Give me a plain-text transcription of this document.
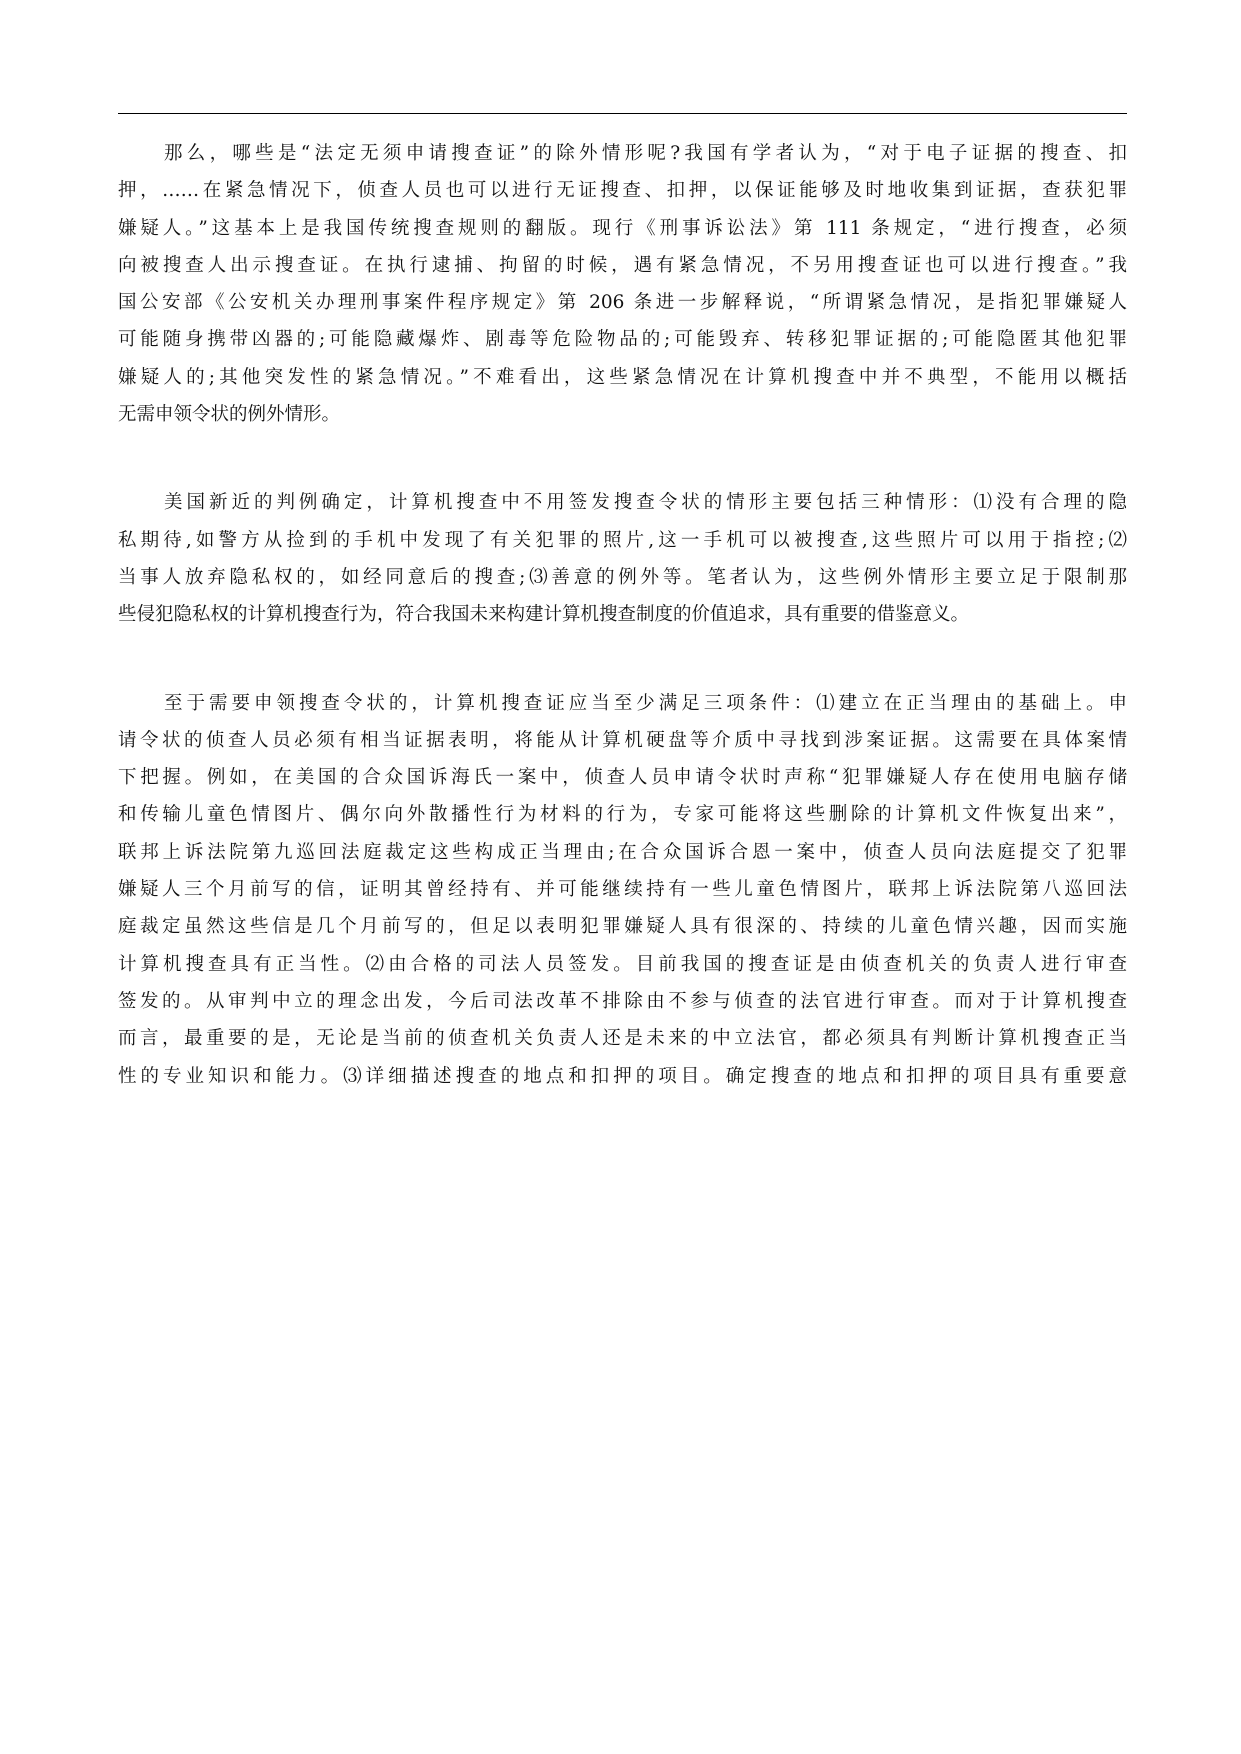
那么，哪些是“法定无须申请搜查证”的除外情形呢?我国有学者认为，“对于电子证据的搜查、扣
押，……在紧急情况下，侦查人员也可以进行无证搜查、扣押，以保证能够及时地收集到证据，查获犯罪
嫌疑人。”这基本上是我国传统搜查规则的翻版。现行《刑事诉讼法》第 111 条规定，“进行搜查，必须
向被搜查人出示搜查证。在执行逮捕、拘留的时候，遇有紧急情况，不另用搜查证也可以进行搜查。”我
国公安部《公安机关办理刑事案件程序规定》第 206 条进一步解释说，“所谓紧急情况，是指犯罪嫌疑人
可能随身携带凶器的;可能隐藏爆炸、剧毒等危险物品的;可能毁弃、转移犯罪证据的;可能隐匿其他犯罪
嫌疑人的;其他突发性的紧急情况。”不难看出，这些紧急情况在计算机搜查中并不典型，不能用以概括
无需申领令状的例外情形。

美国新近的判例确定，计算机搜查中不用签发搜查令状的情形主要包括三种情形：⑴没有合理的隐
私期待,如警方从捡到的手机中发现了有关犯罪的照片,这一手机可以被搜查,这些照片可以用于指控;⑵
当事人放弃隐私权的，如经同意后的搜查;⑶善意的例外等。笔者认为，这些例外情形主要立足于限制那
些侵犯隐私权的计算机搜查行为，符合我国未来构建计算机搜查制度的价值追求，具有重要的借鉴意义。

至于需要申领搜查令状的，计算机搜查证应当至少满足三项条件：⑴建立在正当理由的基础上。申
请令状的侦查人员必须有相当证据表明，将能从计算机硬盘等介质中寻找到涉案证据。这需要在具体案情
下把握。例如，在美国的合众国诉海氏一案中，侦查人员申请令状时声称“犯罪嫌疑人存在使用电脑存储
和传输儿童色情图片、偶尔向外散播性行为材料的行为，专家可能将这些删除的计算机文件恢复出来”，
联邦上诉法院第九巡回法庭裁定这些构成正当理由;在合众国诉合恩一案中，侦查人员向法庭提交了犯罪
嫌疑人三个月前写的信，证明其曾经持有、并可能继续持有一些儿童色情图片，联邦上诉法院第八巡回法
庭裁定虽然这些信是几个月前写的，但足以表明犯罪嫌疑人具有很深的、持续的儿童色情兴趣，因而实施
计算机搜查具有正当性。⑵由合格的司法人员签发。目前我国的搜查证是由侦查机关的负责人进行审查
签发的。从审判中立的理念出发，今后司法改革不排除由不参与侦查的法官进行审查。而对于计算机搜查
而言，最重要的是，无论是当前的侦查机关负责人还是未来的中立法官，都必须具有判断计算机搜查正当
性的专业知识和能力。⑶详细描述搜查的地点和扣押的项目。确定搜查的地点和扣押的项目具有重要意
